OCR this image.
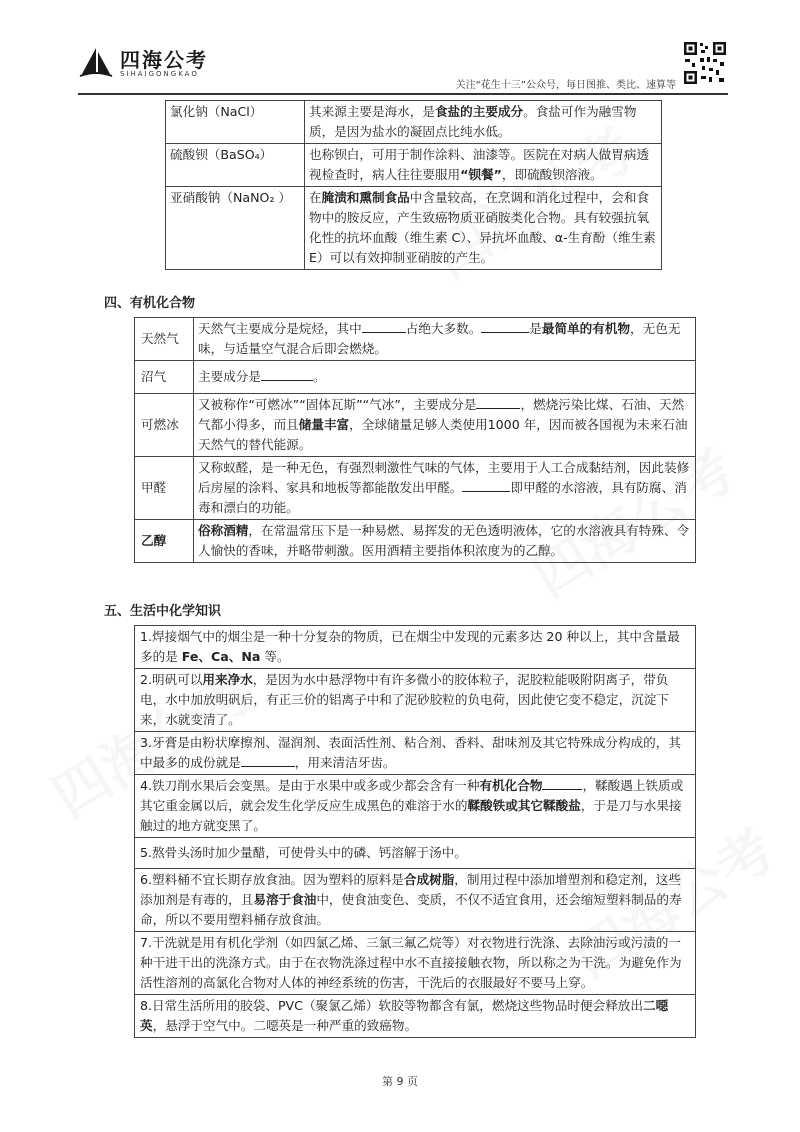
四海公考
SIHAIGONGKAO
关注“花生十三”公众号，每日图推、类比、速算等
氯化钠（NaCl）	其来源主要是海水，是食盐的主要成分。食盐可作为融雪物质，是因为盐水的凝固点比纯水低。
硫酸钡（BaSO₄）	也称钡白，可用于制作涂料、油漆等。医院在对病人做胃病透视检查时，病人往往要服用“钡餐”，即硫酸钡溶液。
亚硝酸钠（NaNO₂ ）	在腌渍和熏制食品中含量较高，在烹调和消化过程中，会和食物中的胺反应，产生致癌物质亚硝胺类化合物。具有较强抗氧化性的抗坏血酸（维生素 C）、异抗坏血酸、α-生育酚（维生素 E）可以有效抑制亚硝胺的产生。
四、有机化合物
天然气	天然气主要成分是烷烃，其中 占绝大多数。 是最简单的有机物，无色无味，与适量空气混合后即会燃烧。
沼气	主要成分是 。
可燃冰	又被称作“可燃冰”“固体瓦斯”“气冰”，主要成分是 ，燃烧污染比煤、石油、天然气都小得多，而且储量丰富，全球储量足够人类使用1000 年，因而被各国视为未来石油天然气的替代能源。
甲醛	又称蚁醛，是一种无色，有强烈刺激性气味的气体，主要用于人工合成黏结剂，因此装修后房屋的涂料、家具和地板等都能散发出甲醛。 即甲醛的水溶液，具有防腐、消毒和漂白的功能。
乙醇	俗称酒精，在常温常压下是一种易燃、易挥发的无色透明液体，它的水溶液具有特殊、令人愉快的香味，并略带刺激。医用酒精主要指体积浓度为的乙醇。
五、生活中化学知识
1.焊接烟气中的烟尘是一种十分复杂的物质，已在烟尘中发现的元素多达 20 种以上，其中含量最多的是 Fe、Ca、Na 等。
2.明矾可以用来净水，是因为水中悬浮物中有许多微小的胶体粒子，泥胶粒能吸附阴离子，带负电，水中加放明矾后，有正三价的铝离子中和了泥砂胶粒的负电荷，因此使它变不稳定，沉淀下来，水就变清了。
3.牙膏是由粉状摩擦剂、湿润剂、表面活性剂、粘合剂、香料、甜味剂及其它特殊成分构成的，其中最多的成份就是	，用来清洁牙齿。
4.铁刀削水果后会变黑。是由于水果中或多或少都会含有一种有机化合物	，鞣酸遇上铁质或其它重金属以后，就会发生化学反应生成黑色的难溶于水的鞣酸铁或其它鞣酸盐，于是刀与水果接触过的地方就变黑了。
5.熬骨头汤时加少量醋，可使骨头中的磷、钙溶解于汤中。
6.塑料桶不宜长期存放食油。因为塑料的原料是合成树脂，制用过程中添加增塑剂和稳定剂，这些添加剂是有毒的，且易溶于食油中，使食油变色、变质，不仅不适宜食用，还会缩短塑料制品的寿命，所以不要用塑料桶存放食油。
7.干洗就是用有机化学剂（如四氯乙烯、三氯三氟乙烷等）对衣物进行洗涤、去除油污或污渍的一种干进干出的洗涤方式。由于在衣物洗涤过程中水不直接接触衣物，所以称之为干洗。为避免作为活性溶剂的高氯化合物对人体的神经系统的伤害，干洗后的衣服最好不要马上穿。
8.日常生活所用的胶袋、PVC（聚氯乙烯）软胶等物都含有氯，燃烧这些物品时便会释放出二噁英，悬浮于空气中。二噁英是一种严重的致癌物。
第 9 页
